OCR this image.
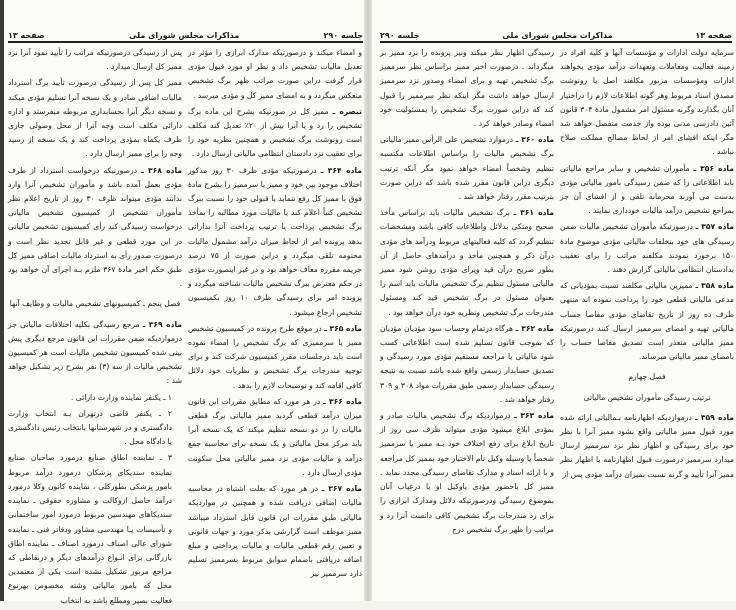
جلسه ۲۹۰
مذاکرات مجلس شورای ملی
صفحه ۱۳

و امضاء میکند و درصورتیکه مدارک ابرازی را مؤثر در تعدیل مالیات تشخیص داد و نظر او مورد قبول مؤدی قرار گرفت دراین صورت مراتب ظهر برگ تشخیص منعکس میگردد و به امضای ممیز کل و مؤدی میرسد .

تبصره ـ ممیز کل در صورتیکه بشرح این ماده برگ تشخیص را رد و یا آنرا بیش از ۲۰٪ تعدیل کند مکلف است رونوشت برگ تشخیص و همچنین نظریه خود را برای تعقیب تزد دادستان انتظامی مالیاتی ارسال دارد .

ماده ۳۶۴ ـ درصورتیکه مؤدی ظرف ۳۰ روز مذکور اختلاف موجود بین خود و ممیز یا سرممیز را بشرح مادهٔ فوق با ممیز کل رفع ننماید یا قبولی خود را نسبت ببرگ تشخیص کتباً اعلام کند یا مالیات مورد مطالبه را بمأخذ برگ تشخیص پرداخت یا ترتیب پرداخت آنرا بدارائی بدهد پرونده امر از لحاظ میزان درآمد مشمول مالیات مختومه تلقی میگردد و دراین صورت از ۷۵ درصد جریمه مقرره معاف خواهد بود و در غیر اینصورت مؤدی در حکم معترض ببرگ تشخیص مالیات شناخته میگردد و پرونده امر برای رسیدگی ظرف ۱۰ روز بکمیسیون تشخیص ارجاع میشود .

ماده ۳۶۵ ـ در موقع طرح پرونده در کمیسیون تشخیص ممیز یا سرممیزی که برگ تشخیص را امضاء نموده است باید درجلسات مقرر کمیسیون شرکت کند و برای توجیه مندرجات برگ تشخیص و نظریات خود دلائل کافی اقامه کند و توضیحات لازم را بدهد .

ماده ۳۶۶ ـ در هر مورد که مطابق مقررات این قانون میزان درآمد قطعی گردید ممیز مالیاتی برگ قطعی مالیات را در دو نسخه تنظیم میکند که یک نسخه آنرا باید مرکز محل مالیاتی و یک نسخه برای محاسبه جمع درآمد و مالیات مؤدی نزد ممیز مالیاتی محل سکونت مؤدی ارسال دارد .

ماده ۳۶۷ ـ در هر مورد که بعلت اشتباه در محاسبه مالیات اضافی دریافت شده و همچنین در مواردیکه مالیاتی طبق مقررات این قانون قابل استرداد میباشد ممیز موظف است گزارشی بذکر مورد و جهات قانونی و تعیین رقم قطعی مالیات و مالیات پرداختی و مبلغ اضافه دریافتی باضمام سوابق مربوط بسرممیز تسلیم دارد سرممیز نیز

پس از رسیدگی درصورتیکه مراتب را تأیید نمود آنرا نزد ممیز کل ارسال میدارد .

ممیز کل پس از رسیدگی درصورت تأیید برگ استرداد مالیات اضافی صادر و یک نسخه آنرا تسلیم مؤدی میکند و نسخه دیگر آنرا بحسابداری مربوطه میفرستد و اداره دارائی مکلف است وجه آنرا از محل وصولی جاری ظرف یکماه بمؤدی پرداخت کند و یک نسخه از رسید وجه را برای ممیز ارسال دارد .

ماده ۳۶۸ ـ درصورتیکه درخواست استرداد از طرف مؤدی بعمل آمده باشد و مأموران تشخیص آنرا وارد ندانند مؤدی میتواند ظرف ۳۰ روز از تاریخ اعلام نظر مأموران تشخیص از کمیسیون تشخیص مالیاتی درخواست رسیدگی کند رأی کمیسیون تشخیص مالیاتی در این مورد قطعی و غیر قابل تجدید نظر است و درصورت صدور رأی به استرداد مالیات اضافی ممیز کل طبق حکم اخیر مادهٔ ۳۶۷ ملزم بـه اجرای آن خواهد بود .

فصل پنجم ـ کمیسیونهای تشخیص مالیات و وظایف آنها

ماده ۳۶۹ ـ مرجع رسیدگی بکلیه اختلافات مالیاتی جز درمواردیکه ضمن مقررات این قانون مرجع دیگری پیش بینی شده کمیسیون تشخیص مالیات است هر کمیسیون تشخیص مالیات از سه (۳) نفر بشرح زیر تشکیل خواهد شد :

۱ ـ یکنفر نماینده وزارت دارائی .

۲ ـ یکنفر قاضی درتهران بـه انتخاب وزارت دادگستری و در شهرستانها بانتخاب رئیس دادگستری یا دادگاه محل .

۳ ـ نماینده اطاق صنایع درمورد صاحبان صنایع نماینده سندیکای پزشکان درمورد درآمد مربوط بامور پزشکی بطورکلی ، نماینده کانون وکلا درمورد درآمد حاصل ازوکالت و مشاوره حقوقی ـ نماینده سندیکاهای مهندسین مربوط درمورد امور ساختمانی و تأسیسات یـا مهندسی مشاور ودفاتر فنی ـ نماینده شورای عالی اصناف درمورد اصناف ـ نماینده اطاق بازرگانی برای انـواع درآمدهای دیگر و درنقاطی که مراجع مزبور تشکیل نشده است یکی از معتمدین محل که بامور مالیاتی وشته مخصوص بهرنوع فعالیت بصیر ومطلع باشد به انتخاب

صفحه ۱۳
مذاکرات مجلس شورای ملی
جلسه ۲۹۰

سرمایه دولت ادارات و مؤسسات آنها و کلیه افراد در زمینه فعالیت ومعاملات وتعهدات درآمد مؤدی بخواهند ادارات ومؤسسات مزبور مکلفند اصل یا رونوشت مصدق اسناد مربوط وهر گونه اطلاعات لازم را دراختیار آنان بگذارند وگرنه مسئول امر مشمول مادهٔ ۳۰۴ قانون آئین دادرسی مدنی بوده واز خدمت منفصل خواهد شد مگر اینکه افشای امر از لحاظ مصالح مملکت صلاح نباشد .

ماده ۳۵۶ ـ مأموران تشخیص و سایر مراجع مالیاتی باید اطلاعاتی را که ضمن رسیدگی بامور مالیاتی مؤدی بدست می آورند محرمانه تلقی و از افشای آن جز بمراجع تشخیص درآمد مالیات خودداری نمایند .

ماده ۳۵۷ ـ درصورتیکه مأموران تشخیص مالیات ضمن رسیدگی های خود بتخلفات مالیاتی مؤدی موضوع مادهٔ ۱۵۰ برخورد نمودند مکلفند مراتب را برای تعقیب بدادستان انتظامی مالیاتی گزارش دهند .

ماده ۳۵۸ ـ ممیزین مالیاتی مکلفند نسبت بمؤدیانی که مدعی مالیاتی قطعی خود را پرداخت نموده اند منتهی ظرف ده روز از تاریخ تقاضای مؤدی مفاصا حساب مالیاتی تهیه و امضای سرممیز ارسال کنند درصورتیکه ممیز مالیاتی متعذر است تصدیق مفاصا حساب را بامضای ممیز مالیاتی میرساند.

فصل چهارم

ترتیب رسیدگی مأموران تشخیص مالیاتی

ماده ۳۵۹ ـ درمواردیکه اظهارنامه بـمالیاتی ارائه شده مورد قبول ممیز مالیاتی واقع نشود ممیز آنرا با نظر خود برای رسیدگی و اظهار نظر نزد سرممیز ارسال میدارد سرممیز درصورت قبول اظهارنامه با اظهار نظر ممیز آنرا تأیید و گرنه نسبت بمیزان درآمد مؤدی پس از

رسیدگی اظهار نظر میکند ونیز پرونده را نزد ممیز بر میگرداند . درصورت اخیر ممیز براساس نظر سرممیز برگ تشخیص تهیه و برای امضاء وصدور نزد سرممیز ارسال خواهد داشت مگر اینکه نظر سرممیز را قبول کند که دراین صورت برگ تشخیص را بمسئولیت خود امضاء وصادر خواهد کرد .

ماده ۳۶۰ ـ درموارد تشخیص علی الرأس ممیز مالیاتی برگ تشخیص مالیات را براساس اطلاعات مکتسبه تنظیم وشخصاً امضاء خواهد نمود مگر آنکه ترتیب دیگری دراین قانون مقرر شده باشد که دراین صورت بترتیب مقرر رفتار خواهد شد .

ماده ۳۶۱ ـ برگ تشخیص مالیات باید براساس مأخذ صحیح ومتکی بدلائل واطلاعات کافی باشد ومشخصات تنظیم گردد که کلیه فعالیتهای مربوط ودرآمد های مؤدی درآن ذکر و همچنین مأخذ و درآمدهای حاصل از آن بطور صریح درآن قید ویرای مؤدی روشن شود ممیز مالیاتی مسئول تنظیم برگ تشخیص مالیات باید اسم را بعنوان مسئول در برگ تشخیص قید کند ومسئول مندرجات برگ تشخیص ونظریه خود درآن خواهد بود .

ماده ۳۶۲ ـ هرگاه درتمام وحساب سود مؤدیان مؤدیان که بموجب قانون تسلیم شده است اطلاعاتی کسب شود مالیاتی یا مراجعه مستقیم مؤدی مورد رسیدگی و تصدیق حسابدار رسمی واقع شده باشد نسبت به نتیجه رسیدگی حسابدار رسمی طبق مقررات مواد ۳۰۸ و ۳۰۹ رفتار خواهد شد .

ماده ۳۶۳ ـ درمواردیکه برگ تشخیص مالیات صادر و بمؤدی ابلاغ میشود مؤدی میتواند ظرف سی روز از تاریخ ابلاغ برای رفع اختلاف خود بـه ممیز یا سرممیز شخصاً یا وسیله وکیل تام الاختیار خود بممیز کل مراجعه و با ارائه اسناد و مدارک تقاضای رسیدگی مجدد نماید . ممیز کل باحضور مؤدی یاوکیل او یا درغیاب آنان بموضوع رسیدگی ودرصورتیکه دلائل ومدارک ابرازی را برای رد مندرجات برگ تشخیص کافی دانست آنرا رد و مراتب را ظهر برگ تشخیص درج
